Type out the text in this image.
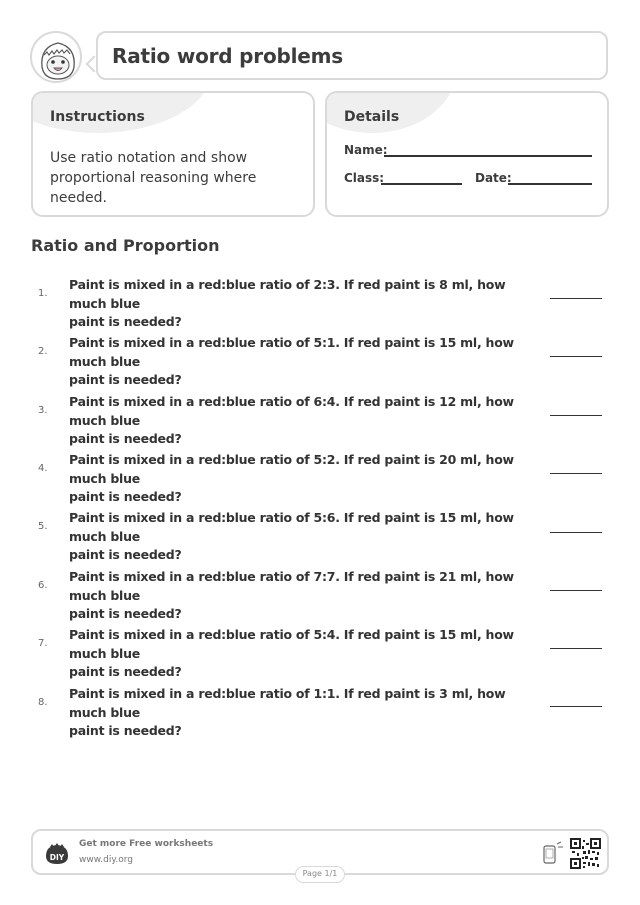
Ratio word problems
Instructions
Use ratio notation and show proportional reasoning where needed.
Details
Name:
Class:	Date:
Ratio and Proportion
1.
Paint is mixed in a red:blue ratio of 2:3. If red paint is 8 ml, how much blue
paint is needed?
2.
Paint is mixed in a red:blue ratio of 5:1. If red paint is 15 ml, how much blue
paint is needed?
3.
Paint is mixed in a red:blue ratio of 6:4. If red paint is 12 ml, how much blue
paint is needed?
4.
Paint is mixed in a red:blue ratio of 5:2. If red paint is 20 ml, how much blue
paint is needed?
5.
Paint is mixed in a red:blue ratio of 5:6. If red paint is 15 ml, how much blue
paint is needed?
6.
Paint is mixed in a red:blue ratio of 7:7. If red paint is 21 ml, how much blue
paint is needed?
7.
Paint is mixed in a red:blue ratio of 5:4. If red paint is 15 ml, how much blue
paint is needed?
8.
Paint is mixed in a red:blue ratio of 1:1. If red paint is 3 ml, how much blue
paint is needed?
DIY
Get more Free worksheets
www.diy.org
Page 1/1
